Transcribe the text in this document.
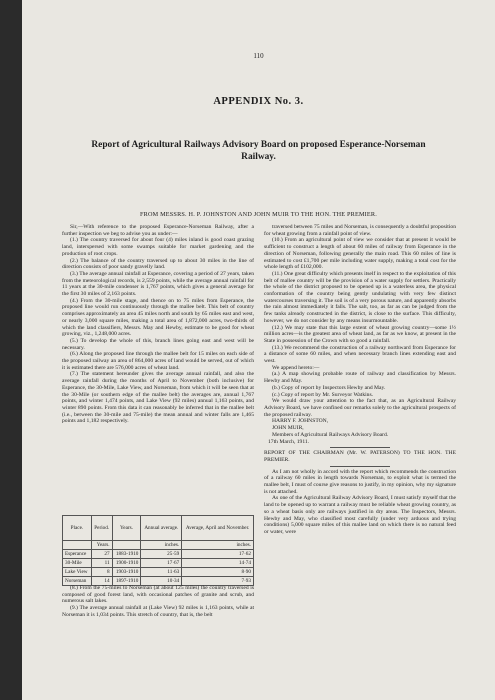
110
APPENDIX No. 3.
Report of Agricultural Railways Advisory Board on proposed Esperance-Norseman Railway.
FROM MESSRS. H. P. JOHNSTON AND JOHN MUIR TO THE HON. THE PREMIER.

Sir,—With reference to the proposed Esperance-Norseman Railway, after a further inspection we beg to advise you as under:—

(1.) The country traversed for about four (4) miles inland is good coast grazing land, interspersed with some swamps suitable for market gardening and the production of root crops.

(2.) The balance of the country traversed up to about 30 miles in the line of direction consists of poor sandy gravelly land.

(3.) The average annual rainfall at Esperance, covering a period of 27 years, taken from the meteorological records, is 2,559 points, while the average annual rainfall for 11 years at the 30-mile condenser is 1,767 points, which gives a general average for the first 30 miles of 2,163 points.

(4.) From the 30-mile stage, and thence on to 75 miles from Esperance, the proposed line would run continuously through the mallee belt. This belt of country comprises approximately an area 45 miles north and south by 65 miles east and west, or nearly 3,000 square miles, making a total area of 1,872,000 acres, two-thirds of which the land classifiers, Messrs. May and Hewby, estimate to be good for wheat growing, viz., 1,248,000 acres.

(5.) To develop the whole of this, branch lines going east and west will be necessary.

(6.) Along the proposed line through the mallee belt for 15 miles on each side of the proposed railway an area of 864,000 acres of land would be served, out of which it is estimated there are 576,000 acres of wheat land.

(7.) The statement hereunder gives the average annual rainfall, and also the average rainfall during the months of April to November (both inclusive) for Esperance, the 30-Mile, Lake View, and Norseman, from which it will be seen that at the 30-Mile (or southern edge of the mallee belt) the averages are, annual 1,767 points, and winter 1,474 points, and Lake View (92 miles) annual 1,163 points, and winter 890 points. From this data it can reasonably be inferred that in the mallee belt (i.e., between the 30-mile and 75-mile) the mean annual and winter falls are 1,465 points and 1,182 respectively.

Place.	Period.	Years.	Annual average.	Average, April and November.
	Years.		inches.	inches.
Esperance	27	1883-1910	25·59	17·62
30-Mile	11	1900-1910	17·67	14·74
Lake View	8	1903-1910	11·63	8·90
Norseman	14	1897-1910	10·34	7·93

(8.) From the 75-miles to Norseman (at about 125 miles) the country traversed is composed of good forest land, with occasional patches of granite and scrub, and numerous salt lakes.

(9.) The average annual rainfall at (Lake View) 92 miles is 1,163 points, while at Norseman it is 1,034 points. This stretch of country, that is, the belt

traversed between 75 miles and Norseman, is consequently a doubtful proposition for wheat growing from a rainfall point of view.

(10.) From an agricultural point of view we consider that at present it would be sufficient to construct a length of about 60 miles of railway from Esperance in the direction of Norseman, following generally the main road. This 60 miles of line is estimated to cost £1,700 per mile including water supply, making a total cost for the whole length of £102,000.

(11.) One great difficulty which presents itself in respect to the exploitation of this belt of mallee country will be the provision of a water supply for settlers. Practically the whole of the district proposed to be opened up is a waterless area, the physical conformation of the country being gently undulating with very few distinct watercourses traversing it. The soil is of a very porous nature, and apparently absorbs the rain almost immediately it falls. The salt, too, as far as can be judged from the few tanks already constructed in the district, is close to the surface. This difficulty, however, we do not consider by any means insurmountable.

(12.) We may state that this large extent of wheat growing country—some 1½ million acres—is the greatest area of wheat land, as far as we know, at present in the State in possession of the Crown with so good a rainfall.

(13.) We recommend the construction of a railway northward from Esperance for a distance of some 60 miles, and when necessary branch lines extending east and west.

We append hereto:—

(a.) A map showing probable route of railway and classification by Messrs. Hewby and May.

(b.) Copy of report by Inspectors Hewby and May.

(c.) Copy of report by Mr. Surveyor Watkins.

We would draw your attention to the fact that, as an Agricultural Railway Advisory Board, we have confined our remarks solely to the agricultural prospects of the proposed railway.

HARRY F. JOHNSTON,

JOHN MUIR,

Members of Agricultural Railways Advisory Board.

17th March, 1911.

REPORT OF THE CHAIRMAN (Mr. W. PATERSON) TO THE HON. THE PREMIER.

As I am not wholly in accord with the report which recommends the construction of a railway 60 miles in length towards Norseman, to exploit what is termed the mallee belt, I must of course give reasons to justify, in my opinion, why my signature is not attached.

As one of the Agricultural Railway Advisory Board, I must satisfy myself that the land to be opened up to warrant a railway must be reliable wheat growing country, as so a wheat basis only are railways justified in dry areas. The Inspectors, Messrs. Hewby and May, who classified most carefully (under very arduous and trying conditions) 5,000 square miles of this mallee land on which there is no natural feed or water, were
